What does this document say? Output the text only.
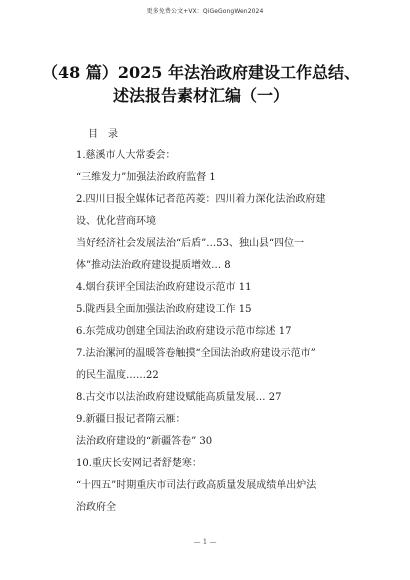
更多免费公文+VX：QiGeGongWen2024
（48 篇）2025 年法治政府建设工作总结、
述法报告素材汇编（一）
目　录
1.慈溪市人大常委会：
“三维发力”加强法治政府监督 1
2.四川日报全媒体记者范芮菱：四川着力深化法治政府建
设、优化营商环境
当好经济社会发展法治“后盾”…53、独山县“四位一
体”推动法治政府建设提质增效… 8
4.烟台获评全国法治政府建设示范市 11
5.陇西县全面加强法治政府建设工作 15
6.东莞成功创建全国法治政府建设示范市综述 17
7.法治漯河的温暖答卷触摸“全国法治政府建设示范市”
的民生温度……22
8.古交市以法治政府建设赋能高质量发展… 27
9.新疆日报记者隋云雁：
法治政府建设的“新疆答卷” 30
10.重庆长安网记者舒楚寒：
“十四五”时期重庆市司法行政高质量发展成绩单出炉法
治政府全
— 1 —
